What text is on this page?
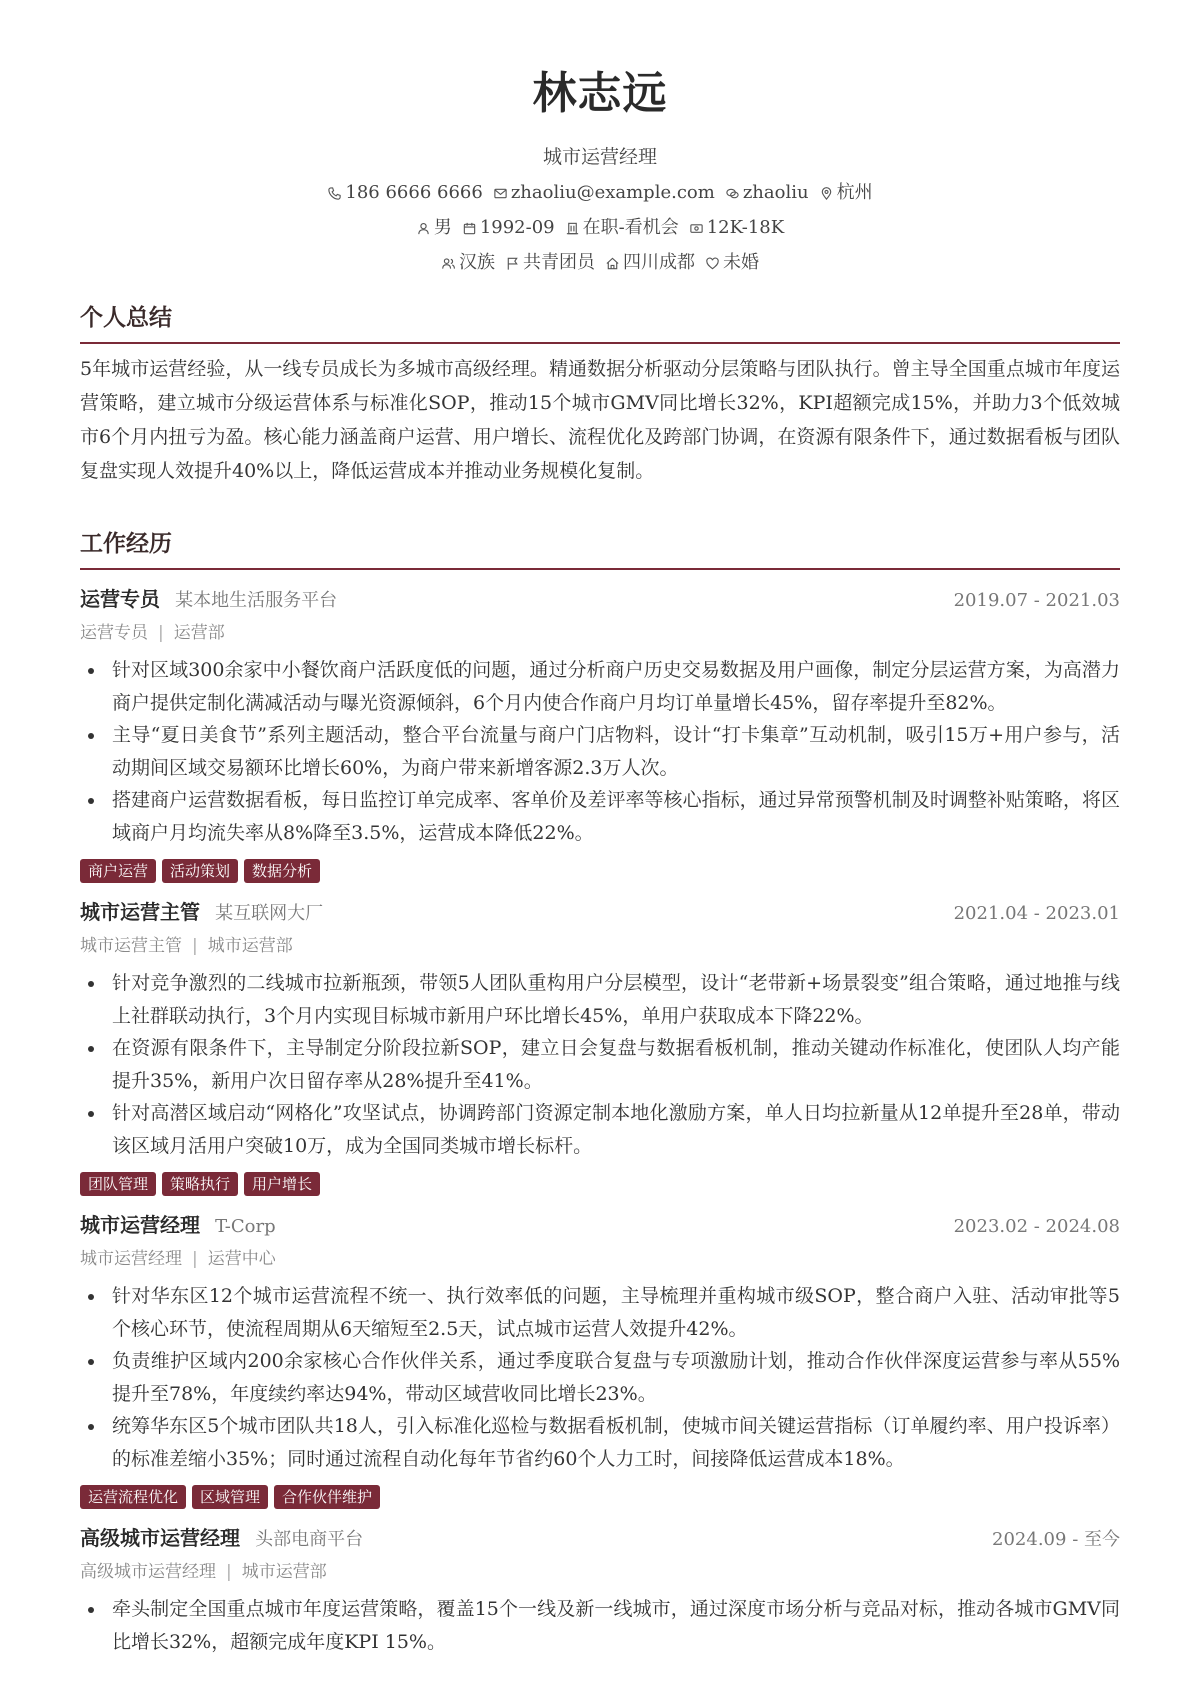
林志远
城市运营经理
186 6666 6666 zhaoliu@example.com zhaoliu 杭州
男 1992-09 在职-看机会 12K-18K
汉族 共青团员 四川成都 未婚
个人总结

5年城市运营经验，从一线专员成长为多城市高级经理。精通数据分析驱动分层策略与团队执行。曾主导全国重点城市年度运营策略，建立城市分级运营体系与标准化SOP，推动15个城市GMV同比增长32%，KPI超额完成15%，并助力3个低效城市6个月内扭亏为盈。核心能力涵盖商户运营、用户增长、流程优化及跨部门协调，在资源有限条件下，通过数据看板与团队复盘实现人效提升40%以上，降低运营成本并推动业务规模化复制。

工作经历
运营专员 某本地生活服务平台	2019.07 - 2021.03
运营专员 | 运营部
针对区域300余家中小餐饮商户活跃度低的问题，通过分析商户历史交易数据及用户画像，制定分层运营方案，为高潜力商户提供定制化满减活动与曝光资源倾斜，6个月内使合作商户月均订单量增长45%，留存率提升至82%。
主导“夏日美食节”系列主题活动，整合平台流量与商户门店物料，设计“打卡集章”互动机制，吸引15万+用户参与，活动期间区域交易额环比增长60%，为商户带来新增客源2.3万人次。
搭建商户运营数据看板，每日监控订单完成率、客单价及差评率等核心指标，通过异常预警机制及时调整补贴策略，将区域商户月均流失率从8%降至3.5%，运营成本降低22%。
商户运营	活动策划	数据分析
城市运营主管 某互联网大厂	2021.04 - 2023.01
城市运营主管 | 城市运营部
针对竞争激烈的二线城市拉新瓶颈，带领5人团队重构用户分层模型，设计“老带新+场景裂变”组合策略，通过地推与线上社群联动执行，3个月内实现目标城市新用户环比增长45%，单用户获取成本下降22%。
在资源有限条件下，主导制定分阶段拉新SOP，建立日会复盘与数据看板机制，推动关键动作标准化，使团队人均产能提升35%，新用户次日留存率从28%提升至41%。
针对高潜区域启动“网格化”攻坚试点，协调跨部门资源定制本地化激励方案，单人日均拉新量从12单提升至28单，带动该区域月活用户突破10万，成为全国同类城市增长标杆。
团队管理	策略执行	用户增长
城市运营经理 T-Corp	2023.02 - 2024.08
城市运营经理 | 运营中心
针对华东区12个城市运营流程不统一、执行效率低的问题，主导梳理并重构城市级SOP，整合商户入驻、活动审批等5个核心环节，使流程周期从6天缩短至2.5天，试点城市运营人效提升42%。
负责维护区域内200余家核心合作伙伴关系，通过季度联合复盘与专项激励计划，推动合作伙伴深度运营参与率从55%提升至78%，年度续约率达94%，带动区域营收同比增长23%。
统筹华东区5个城市团队共18人，引入标准化巡检与数据看板机制，使城市间关键运营指标（订单履约率、用户投诉率）的标准差缩小35%；同时通过流程自动化每年节省约60个人力工时，间接降低运营成本18%。
运营流程优化	区域管理	合作伙伴维护
高级城市运营经理 头部电商平台	2024.09 - 至今
高级城市运营经理 | 城市运营部
牵头制定全国重点城市年度运营策略，覆盖15个一线及新一线城市，通过深度市场分析与竞品对标，推动各城市GMV同比增长32%，超额完成年度KPI 15%。
